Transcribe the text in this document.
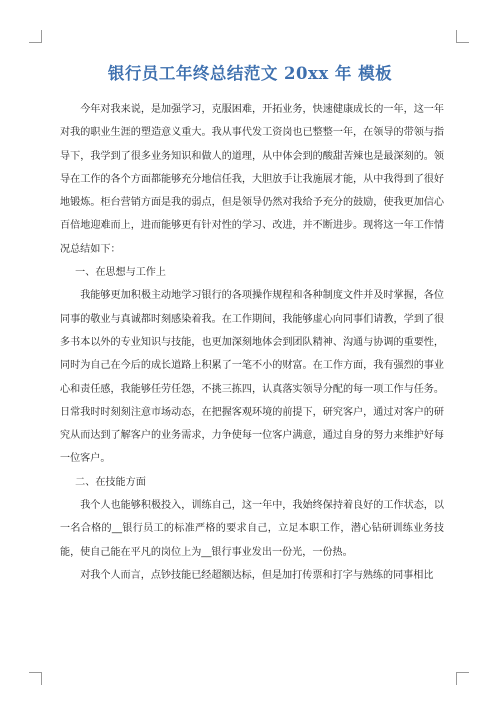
银行员工年终总结范文 20xx 年 模板

今年对我来说，是加强学习，克服困难，开拓业务，快速健康成长的一年，这一年对我的职业生涯的塑造意义重大。我从事代发工资岗也已整整一年，在领导的带领与指导下，我学到了很多业务知识和做人的道理，从中体会到的酸甜苦辣也是最深刻的。领导在工作的各个方面都能够充分地信任我，大胆放手让我施展才能，从中我得到了很好地锻炼。柜台营销方面是我的弱点，但是领导仍然对我给予充分的鼓励，使我更加信心百倍地迎难而上，进而能够更有针对性的学习、改进，并不断进步。现将这一年工作情况总结如下：

一、在思想与工作上

我能够更加积极主动地学习银行的各项操作规程和各种制度文件并及时掌握，各位同事的敬业与真诚都时刻感染着我。在工作期间，我能够虚心向同事们请教，学到了很多书本以外的专业知识与技能，也更加深刻地体会到团队精神、沟通与协调的重要性，同时为自己在今后的成长道路上积累了一笔不小的财富。在工作方面，我有强烈的事业心和责任感，我能够任劳任怨，不挑三拣四，认真落实领导分配的每一项工作与任务。日常我时时刻刻注意市场动态，在把握客观环境的前提下，研究客户，通过对客户的研究从而达到了解客户的业务需求，力争使每一位客户满意，通过自身的努力来维护好每一位客户。

二、在技能方面

我个人也能够积极投入，训练自己，这一年中，我始终保持着良好的工作状态，以一名合格的__银行员工的标准严格的要求自己，立足本职工作，潜心钻研训练业务技能，使自己能在平凡的岗位上为__银行事业发出一份光，一份热。

对我个人而言，点钞技能已经超额达标，但是加打传票和打字与熟练的同事相比
